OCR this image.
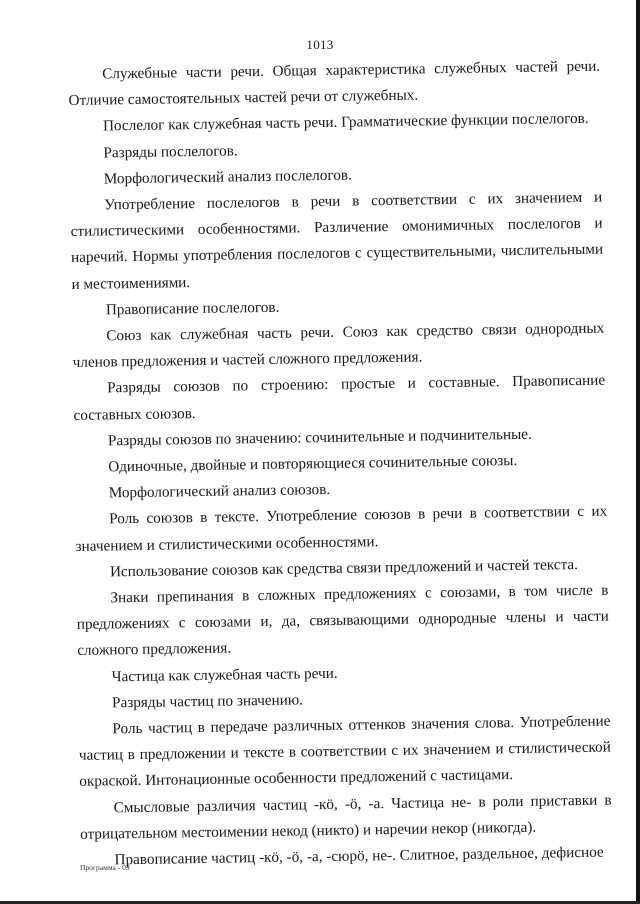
1013

Служебные части речи. Общая характеристика служебных частей речи. Отличие самостоятельных частей речи от служебных.

Послелог как служебная часть речи. Грамматические функции послелогов.

Разряды послелогов.

Морфологический анализ послелогов.

Употребление послелогов в речи в соответствии с их значением и стилистическими особенностями. Различение омонимичных послелогов и наречий. Нормы употребления послелогов с существительными, числительными и местоимениями.

Правописание послелогов.

Союз как служебная часть речи. Союз как средство связи однородных членов предложения и частей сложного предложения.

Разряды союзов по строению: простые и составные. Правописание составных союзов.

Разряды союзов по значению: сочинительные и подчинительные.

Одиночные, двойные и повторяющиеся сочинительные союзы.

Морфологический анализ союзов.

Роль союзов в тексте. Употребление союзов в речи в соответствии с их значением и стилистическими особенностями.

Использование союзов как средства связи предложений и частей текста.

Знаки препинания в сложных предложениях с союзами, в том числе в предложениях с союзами и, да, связывающими однородные члены и части сложного предложения.

Частица как служебная часть речи.

Разряды частиц по значению.

Роль частиц в передаче различных оттенков значения слова. Употребление частиц в предложении и тексте в соответствии с их значением и стилистической окраской. Интонационные особенности предложений с частицами.

Смысловые различия частиц -кӧ, -ӧ, -а. Частица не- в роли приставки в отрицательном местоимении некод (никто) и наречии некор (никогда).

Правописание частиц -кӧ, -ӧ, -а, -сюрӧ, не-. Слитное, раздельное, дефисное

Программа - 03
